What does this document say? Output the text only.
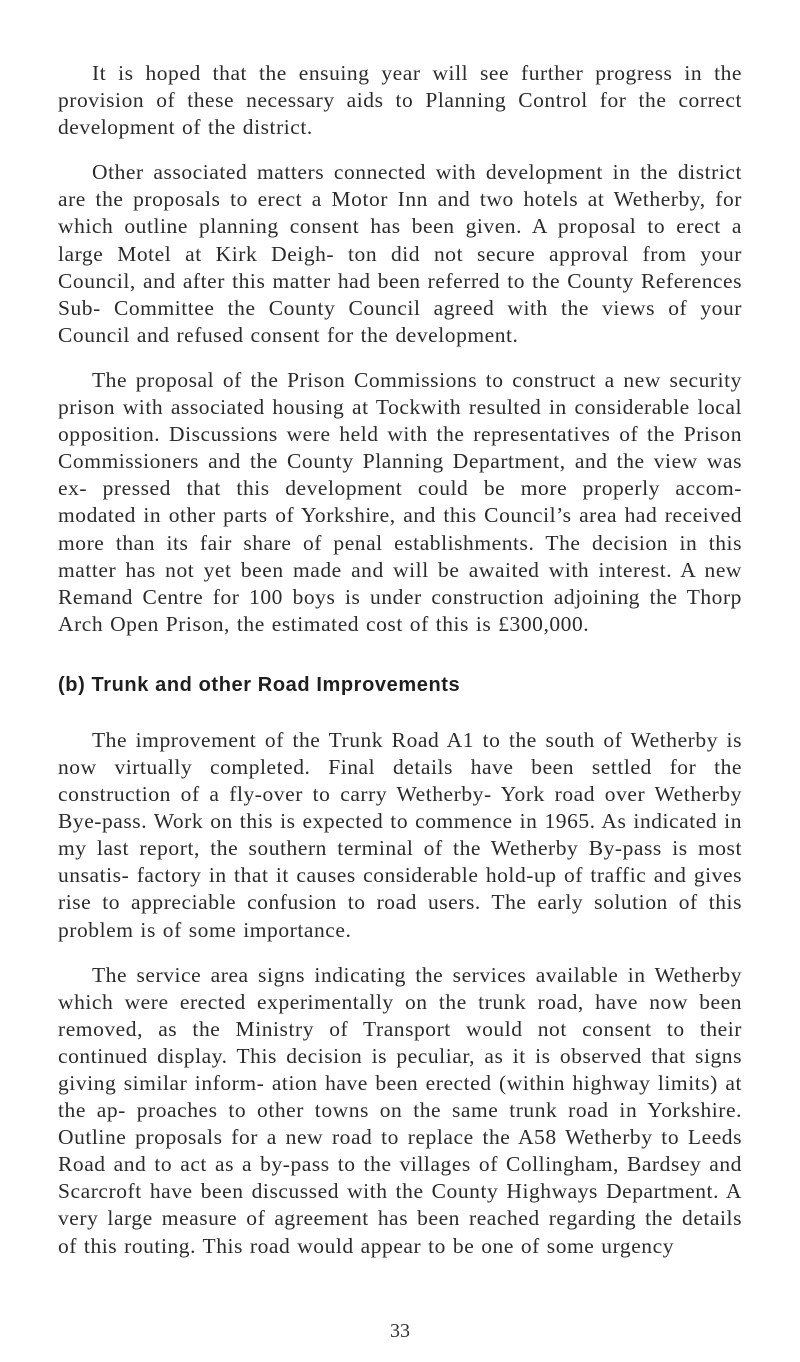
It is hoped that the ensuing year will see further progress in the provision of these necessary aids to Planning Control for the correct development of the district.

Other associated matters connected with development in the district are the proposals to erect a Motor Inn and two hotels at Wetherby, for which outline planning consent has been given. A proposal to erect a large Motel at Kirk Deigh- ton did not secure approval from your Council, and after this matter had been referred to the County References Sub- Committee the County Council agreed with the views of your Council and refused consent for the development.

The proposal of the Prison Commissions to construct a new security prison with associated housing at Tockwith resulted in considerable local opposition. Discussions were held with the representatives of the Prison Commissioners and the County Planning Department, and the view was ex- pressed that this development could be more properly accom- modated in other parts of Yorkshire, and this Council’s area had received more than its fair share of penal establishments. The decision in this matter has not yet been made and will be awaited with interest. A new Remand Centre for 100 boys is under construction adjoining the Thorp Arch Open Prison, the estimated cost of this is £300,000.

(b) Trunk and other Road Improvements

The improvement of the Trunk Road A1 to the south of Wetherby is now virtually completed. Final details have been settled for the construction of a fly-over to carry Wetherby- York road over Wetherby Bye-pass. Work on this is expected to commence in 1965. As indicated in my last report, the southern terminal of the Wetherby By-pass is most unsatis- factory in that it causes considerable hold-up of traffic and gives rise to appreciable confusion to road users. The early solution of this problem is of some importance.

The service area signs indicating the services available in Wetherby which were erected experimentally on the trunk road, have now been removed, as the Ministry of Transport would not consent to their continued display. This decision is peculiar, as it is observed that signs giving similar inform- ation have been erected (within highway limits) at the ap- proaches to other towns on the same trunk road in Yorkshire. Outline proposals for a new road to replace the A58 Wetherby to Leeds Road and to act as a by-pass to the villages of Collingham, Bardsey and Scarcroft have been discussed with the County Highways Department. A very large measure of agreement has been reached regarding the details of this routing. This road would appear to be one of some urgency

33
